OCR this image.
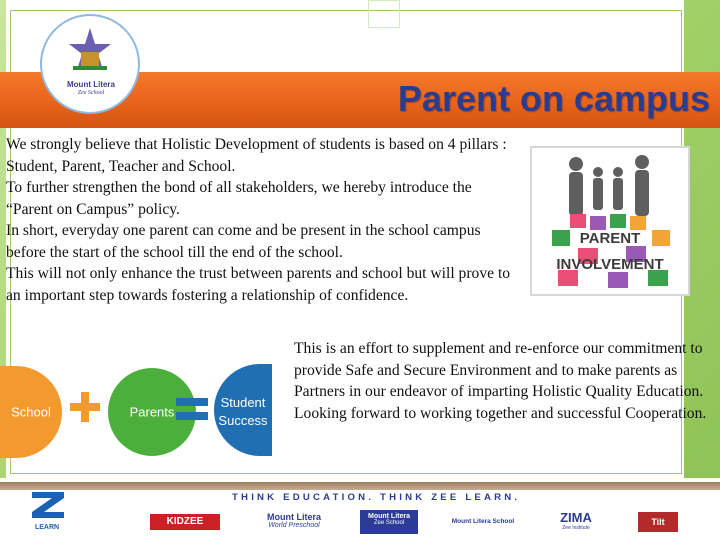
Parent on campus
Mount Litera
Zee School

We strongly believe that Holistic Development of students is based on 4 pillars : Student, Parent, Teacher and School.

To further strengthen the bond of all stakeholders, we hereby introduce the “Parent on Campus” policy.

In short, everyday one parent can come and be present in the school campus before the start of the school till the end of the school.

This will not only enhance the trust between parents and school but will prove to an important step towards fostering a relationship of confidence.

PARENT
INVOLVEMENT
School	Parents
Student
Success

This is an effort to supplement and re-enforce our commitment to provide Safe and Secure Environment and to make parents as Partners in our endeavor of imparting Holistic Quality Education. Looking forward to working together and successful Cooperation.

THINK EDUCATION. THINK ZEE LEARN.
LEARN
KIDZEE	Mount Litera
World Preschool
Mount Litera
Zee School	Mount Litera School	ZIMA
Zee Institute
Tilt
